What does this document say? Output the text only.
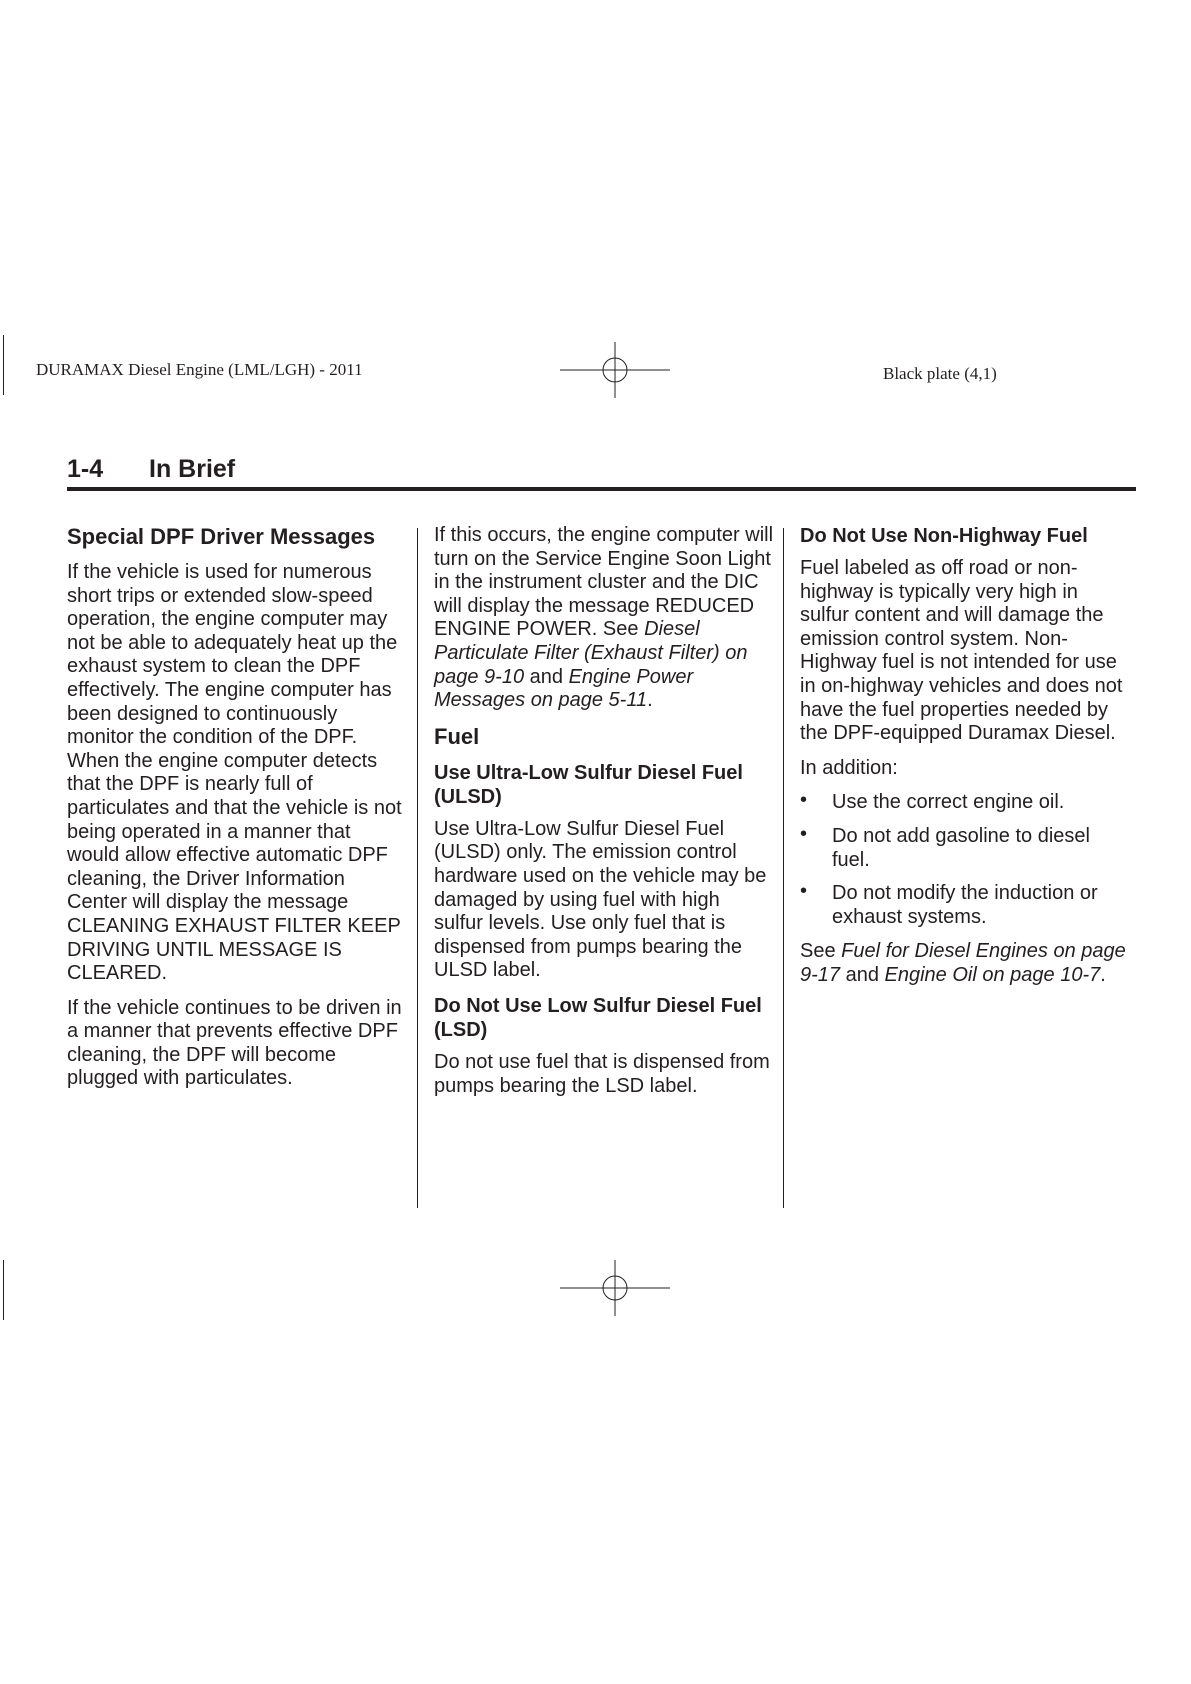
DURAMAX Diesel Engine (LML/LGH) - 2011	Black plate (4,1)
1-4 In Brief
Special DPF Driver Messages

If the vehicle is used for numerous short trips or extended slow-speed operation, the engine computer may not be able to adequately heat up the exhaust system to clean the DPF effectively. The engine computer has been designed to continuously monitor the condition of the DPF. When the engine computer detects that the DPF is nearly full of particulates and that the vehicle is not being operated in a manner that would allow effective automatic DPF cleaning, the Driver Information Center will display the message CLEANING EXHAUST FILTER KEEP DRIVING UNTIL MESSAGE IS CLEARED.

If the vehicle continues to be driven in a manner that prevents effective DPF cleaning, the DPF will become plugged with particulates.

If this occurs, the engine computer will turn on the Service Engine Soon Light in the instrument cluster and the DIC will display the message REDUCED ENGINE POWER. See Diesel Particulate Filter (Exhaust Filter) on page 9-10 and Engine Power Messages on page 5-11.

Fuel
Use Ultra-Low Sulfur Diesel Fuel (ULSD)

Use Ultra-Low Sulfur Diesel Fuel (ULSD) only. The emission control hardware used on the vehicle may be damaged by using fuel with high sulfur levels. Use only fuel that is dispensed from pumps bearing the ULSD label.

Do Not Use Low Sulfur Diesel Fuel (LSD)

Do not use fuel that is dispensed from pumps bearing the LSD label.

Do Not Use Non-Highway Fuel

Fuel labeled as off road or non-highway is typically very high in sulfur content and will damage the emission control system. Non-Highway fuel is not intended for use in on-highway vehicles and does not have the fuel properties needed by the DPF-equipped Duramax Diesel.

In addition:

• Use the correct engine oil.
• Do not add gasoline to diesel fuel.
• Do not modify the induction or exhaust systems.

See Fuel for Diesel Engines on page 9-17 and Engine Oil on page 10-7.
